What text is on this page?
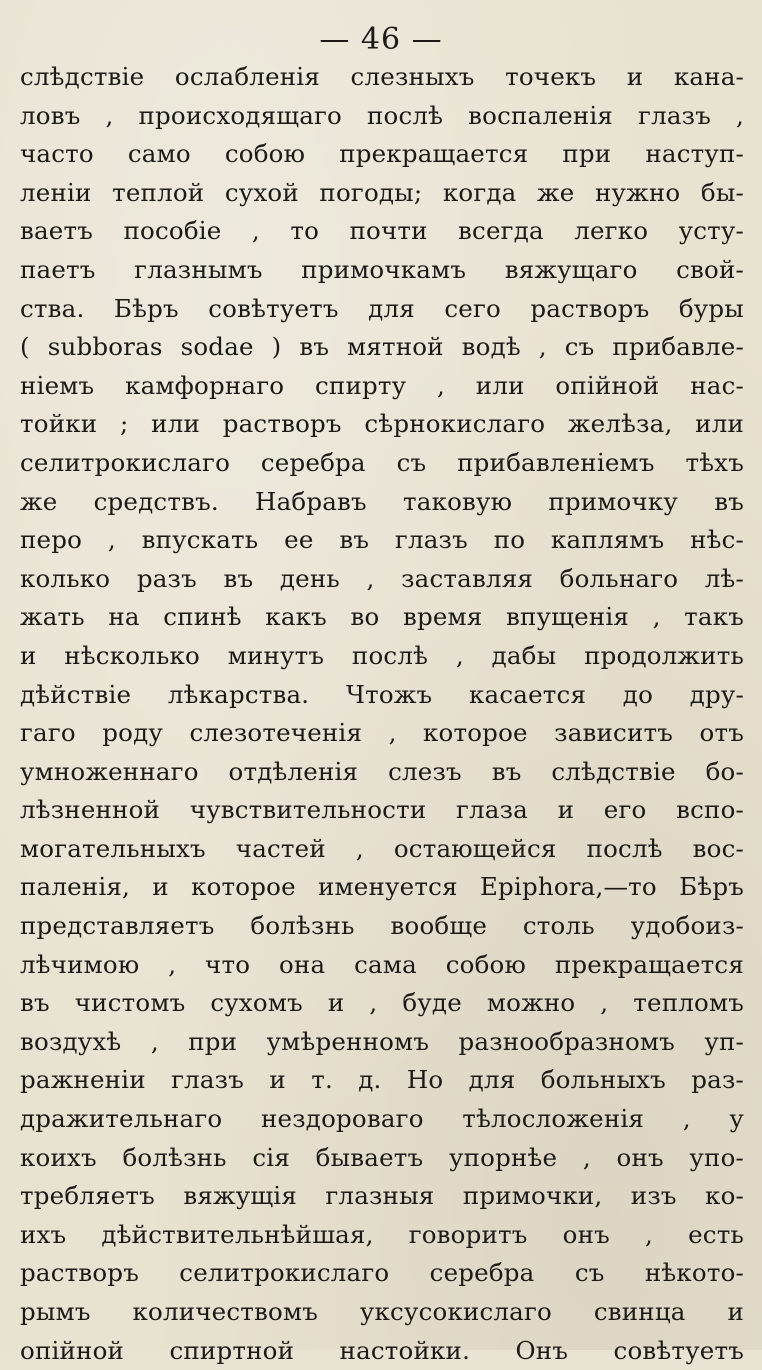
— 46 —
слѣдствіе ослабленія слезныхъ точекъ и кана-
ловъ , происходящаго послѣ воспаленія глазъ ,
часто само собою прекращается при наступ-
леніи теплой сухой погоды; когда же нужно бы-
ваетъ пособіе , то почти всегда легко усту-
паетъ глазнымъ примочкамъ вяжущаго свой-
ства. Бѣръ совѣтуетъ для сего растворъ буры
( subboras sodae ) въ мятной водѣ , съ прибавле-
ніемъ камфорнаго спирту , или опійной нас-
тойки ; или растворъ сѣрнокислаго желѣза, или
селитрокислаго серебра съ прибавленіемъ тѣхъ
же средствъ. Набравъ таковую примочку въ
перо , впускать ее въ глазъ по каплямъ нѣс-
колько разъ въ день , заставляя больнаго лѣ-
жать на спинѣ какъ во время впущенія , такъ
и нѣсколько минутъ послѣ , дабы продолжить
дѣйствіе лѣкарства. Чтожъ касается до дру-
гаго роду слезотеченія , которое зависитъ отъ
умноженнаго отдѣленія слезъ въ слѣдствіе бо-
лѣзненной чувствительности глаза и его вспо-
могательныхъ частей , остающейся послѣ вос-
паленія, и которое именуется Epiphora,—то Бѣръ
представляетъ болѣзнь вообще столь удобоиз-
лѣчимою , что она сама собою прекращается
въ чистомъ сухомъ и , буде можно , тепломъ
воздухѣ , при умѣренномъ разнообразномъ уп-
ражненіи глазъ и т. д. Но для больныхъ раз-
дражительнаго нездороваго тѣлосложенія , у
коихъ болѣзнь сія бываетъ упорнѣе , онъ упо-
требляетъ вяжущія глазныя примочки, изъ ко-
ихъ дѣйствительнѣйшая, говоритъ онъ , есть
растворъ селитрокислаго серебра съ нѣкото-
рымъ количествомъ уксусокислаго свинца и
опійной спиртной настойки. Онъ совѣтуетъ
